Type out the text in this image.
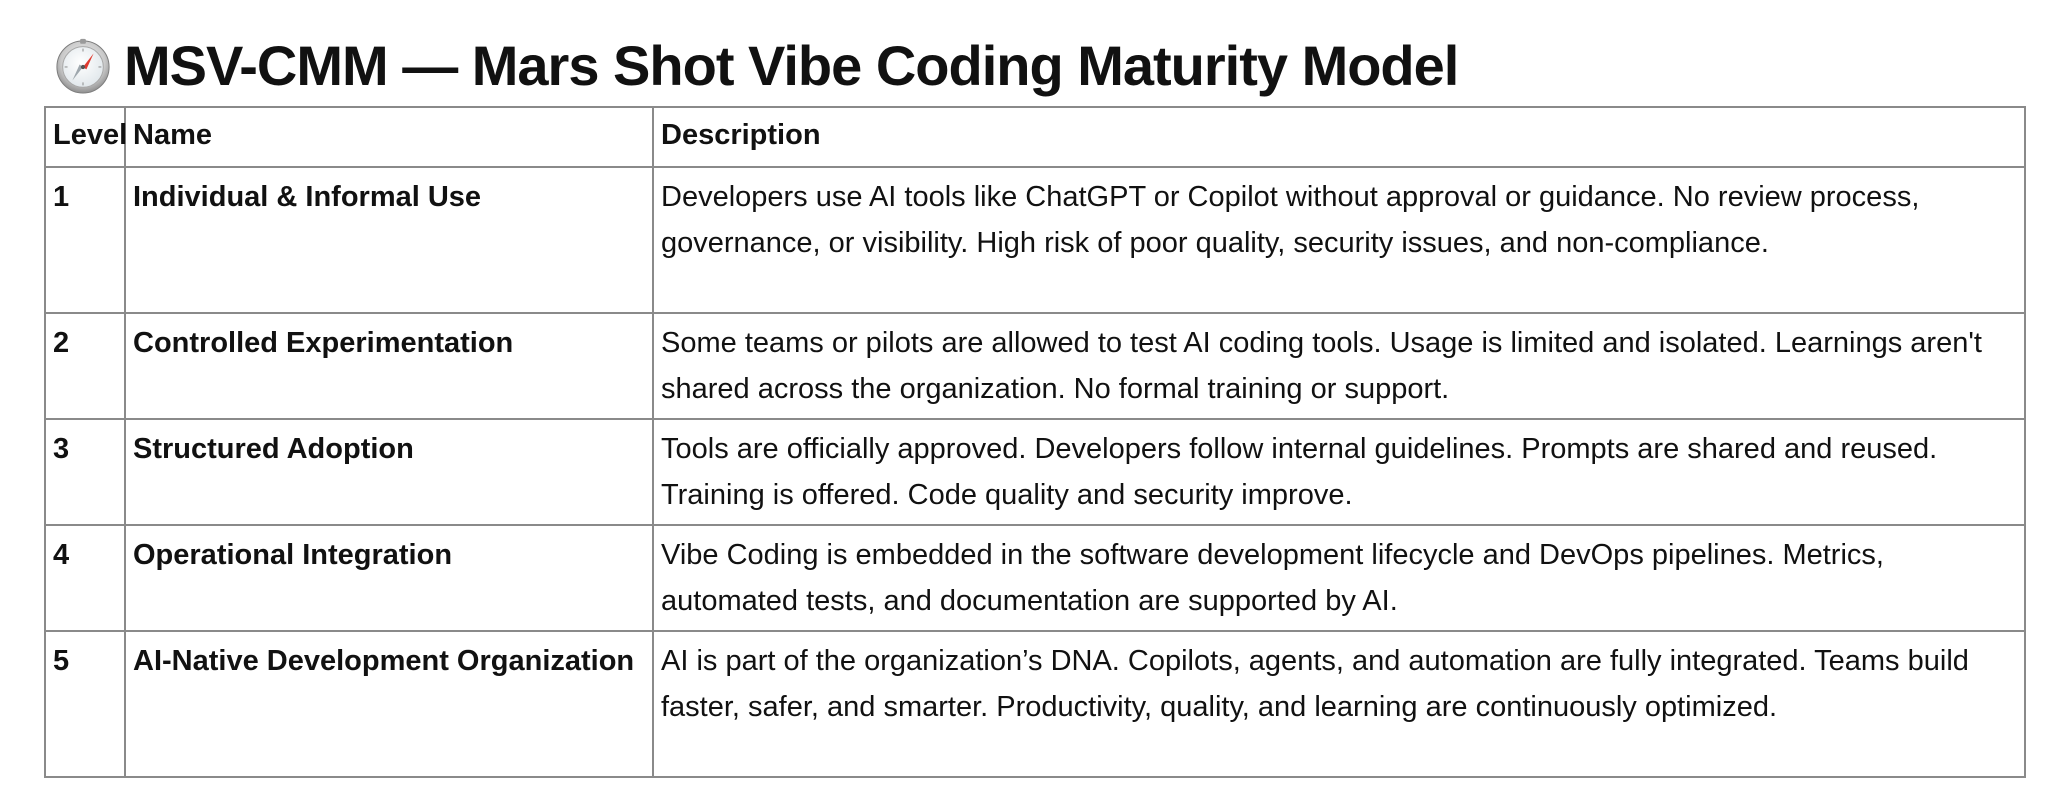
MSV-CMM — Mars Shot Vibe Coding Maturity Model
Level	Name	Description
1	Individual & Informal Use	Developers use AI tools like ChatGPT or Copilot without approval or guidance. No review process, governance, or visibility. High risk of poor quality, security issues, and non-compliance.
2	Controlled Experimentation	Some teams or pilots are allowed to test AI coding tools. Usage is limited and isolated. Learnings aren't shared across the organization. No formal training or support.
3	Structured Adoption	Tools are officially approved. Developers follow internal guidelines. Prompts are shared and reused. Training is offered. Code quality and security improve.
4	Operational Integration	Vibe Coding is embedded in the software development lifecycle and DevOps pipelines. Metrics, automated tests, and documentation are supported by AI.
5	AI-Native Development Organization	AI is part of the organization’s DNA. Copilots, agents, and automation are fully integrated. Teams build faster, safer, and smarter. Productivity, quality, and learning are continuously optimized.
